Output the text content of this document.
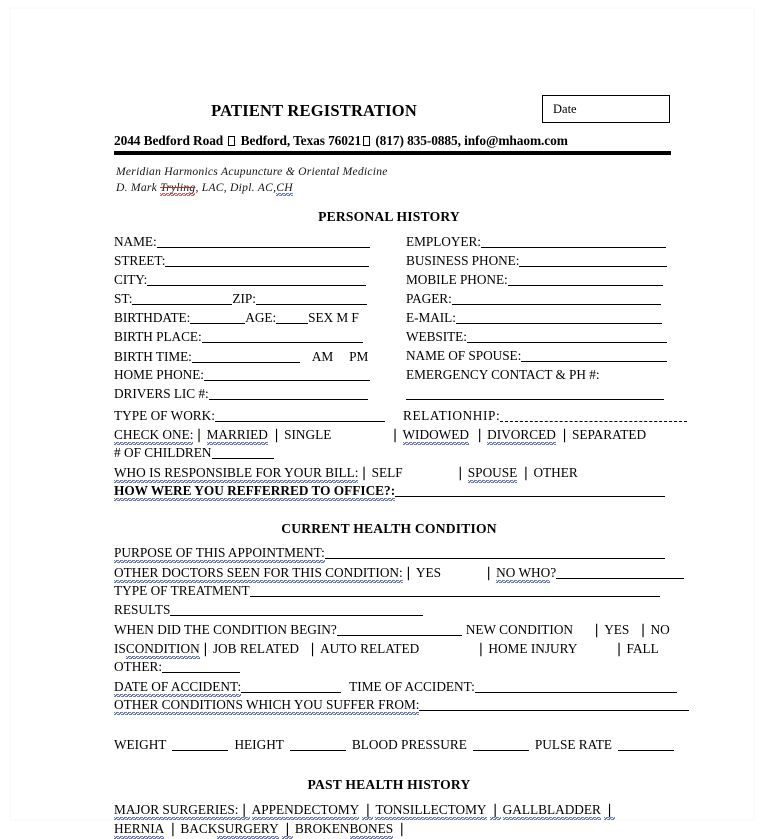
PATIENT REGISTRATION	Date
2044 Bedford Road Bedford, Texas 76021 (817) 835-0885, info@mhaom.com
Meridian Harmonics Acupuncture & Oriental Medicine
D. Mark Tryling, LAC, Dipl. AC,CH
PERSONAL HISTORY
NAME:
STREET:
CITY:
ST:	ZIP:
BIRTHDATE:	AGE: SEX M F
BIRTH PLACE:
BIRTH TIME:	AM PM
HOME PHONE:
DRIVERS LIC #:
EMPLOYER:
BUSINESS PHONE:
MOBILE PHONE:
PAGER:
E-MAIL:
WEBSITE:
NAME OF SPOUSE:
EMERGENCY CONTACT & PH #:
TYPE OF WORK:	RELATIONHIP:
CHECK ONE:❘ MARRIED ❘ SINGLE	❘ WIDOWED ❘ DIVORCED ❘ SEPARATED
# OF CHILDREN
WHO IS RESPONSIBLE FOR YOUR BILL:❘ SELF	❘ SPOUSE ❘ OTHER
HOW WERE YOU REFFERRED TO OFFICE?:
CURRENT HEALTH CONDITION
PURPOSE OF THIS APPOINTMENT:
OTHER DOCTORS SEEN FOR THIS CONDITION:❘ YES	❘ NO WHO?
TYPE OF TREATMENT
RESULTS
WHEN DID THE CONDITION BEGIN?	NEW CONDITION ❘ YES ❘ NO
ISCONDITION❘ JOB RELATED ❘ AUTO RELATED	❘ HOME INJURY	❘ FALL
OTHER:
DATE OF ACCIDENT:	TIME OF ACCIDENT:
OTHER CONDITIONS WHICH YOU SUFFER FROM:
WEIGHT	HEIGHT	BLOOD PRESSURE	PULSE RATE
PAST HEALTH HISTORY
MAJOR SURGERIES:❘ APPENDECTOMY ❘ TONSILLECTOMY ❘ GALLBLADDER ❘
HERNIA ❘ BACKSURGERY ❘ BROKENBONES ❘
